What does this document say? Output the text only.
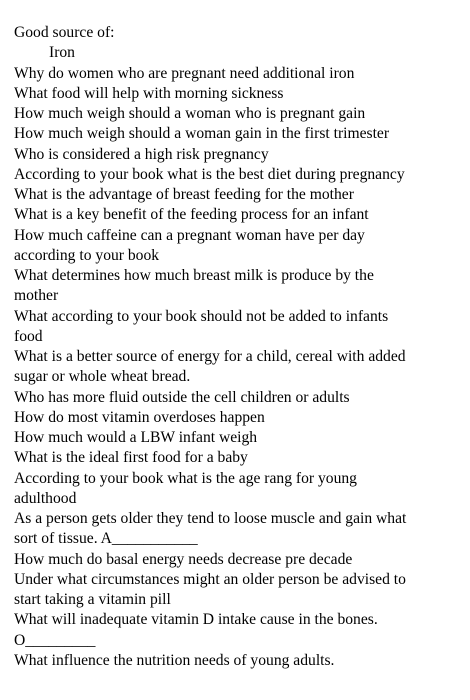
Good source of:
Iron
Why do women who are pregnant need additional iron
What food will help with morning sickness
How much weigh should a woman who is pregnant gain
How much weigh should a woman gain in the first trimester
Who is considered a high risk pregnancy
According to your book what is the best diet during pregnancy
What is the advantage of breast feeding for the mother
What is a key benefit of the feeding process for an infant
How much caffeine can a pregnant woman have per day
according to your book
What determines how much breast milk is produce by the
mother
What according to your book should not be added to infants
food
What is a better source of energy for a child, cereal with added
sugar or whole wheat bread.
Who has more fluid outside the cell children or adults
How do most vitamin overdoses happen
How much would a LBW infant weigh
What is the ideal first food for a baby
According to your book what is the age rang for young
adulthood
As a person gets older they tend to loose muscle and gain what
sort of tissue. A___________
How much do basal energy needs decrease pre decade
Under what circumstances might an older person be advised to
start taking a vitamin pill
What will inadequate vitamin D intake cause in the bones.
O_________
What influence the nutrition needs of young adults.
